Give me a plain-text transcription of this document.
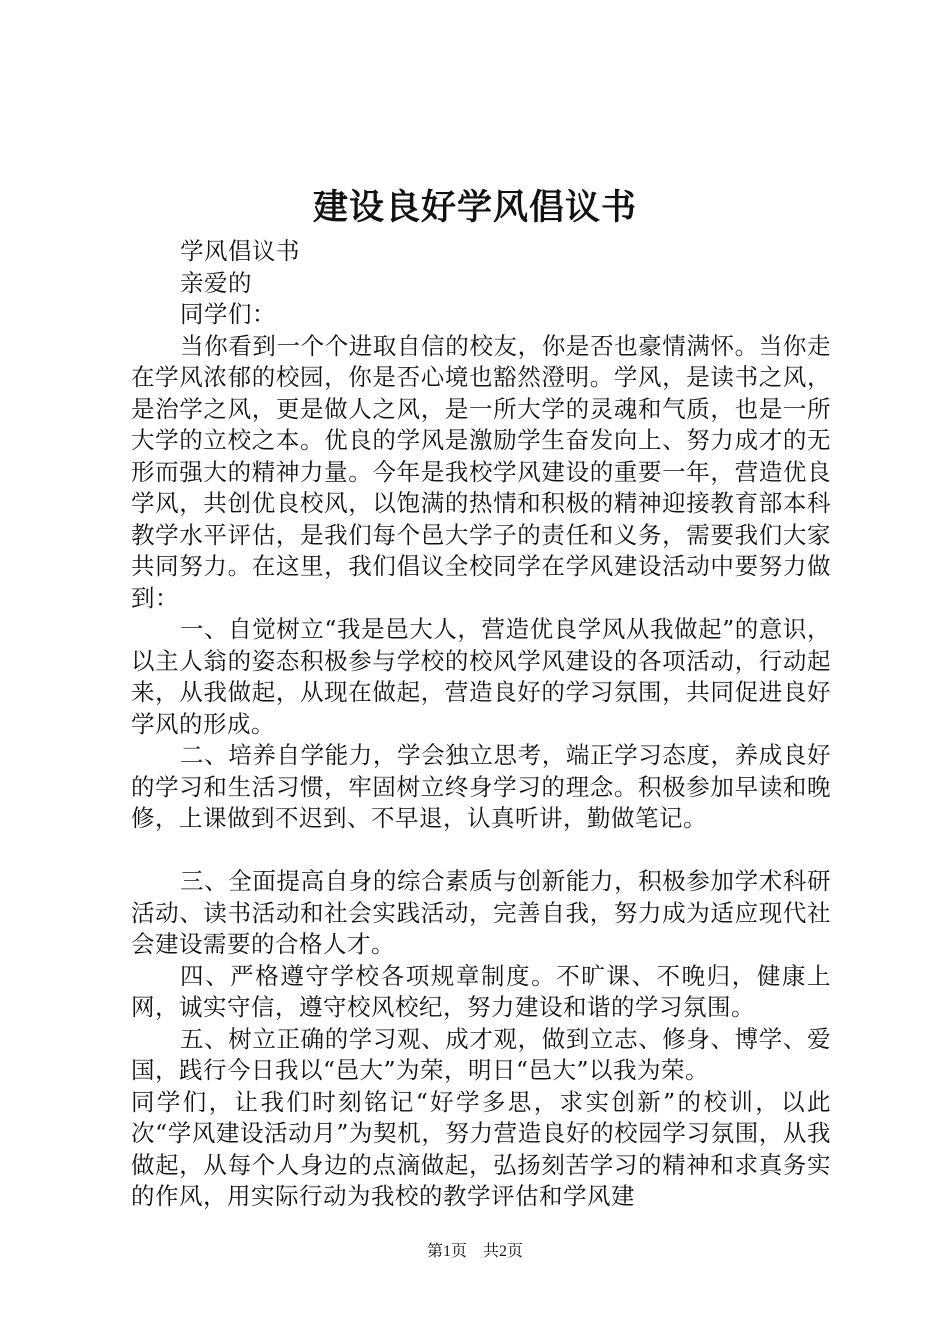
建设良好学风倡议书

学风倡议书

亲爱的

同学们：

当你看到一个个进取自信的校友，你是否也豪情满怀。当你走在学风浓郁的校园，你是否心境也豁然澄明。学风，是读书之风，是治学之风，更是做人之风，是一所大学的灵魂和气质，也是一所大学的立校之本。优良的学风是激励学生奋发向上、努力成才的无形而强大的精神力量。今年是我校学风建设的重要一年，营造优良学风，共创优良校风，以饱满的热情和积极的精神迎接教育部本科教学水平评估，是我们每个邑大学子的责任和义务，需要我们大家共同努力。在这里，我们倡议全校同学在学风建设活动中要努力做到：

一、自觉树立“我是邑大人，营造优良学风从我做起”的意识，以主人翁的姿态积极参与学校的校风学风建设的各项活动，行动起来，从我做起，从现在做起，营造良好的学习氛围，共同促进良好学风的形成。

二、培养自学能力，学会独立思考，端正学习态度，养成良好的学习和生活习惯，牢固树立终身学习的理念。积极参加早读和晚修，上课做到不迟到、不早退，认真听讲，勤做笔记。

三、全面提高自身的综合素质与创新能力，积极参加学术科研活动、读书活动和社会实践活动，完善自我，努力成为适应现代社会建设需要的合格人才。

四、严格遵守学校各项规章制度。不旷课、不晚归，健康上网，诚实守信，遵守校风校纪，努力建设和谐的学习氛围。

五、树立正确的学习观、成才观，做到立志、修身、博学、爱国，践行今日我以“邑大”为荣，明日“邑大”以我为荣。

同学们，让我们时刻铭记“好学多思，求实创新”的校训，以此次“学风建设活动月”为契机，努力营造良好的校园学习氛围，从我做起，从每个人身边的点滴做起，弘扬刻苦学习的精神和求真务实的作风，用实际行动为我校的教学评估和学风建

第1页 共2页
